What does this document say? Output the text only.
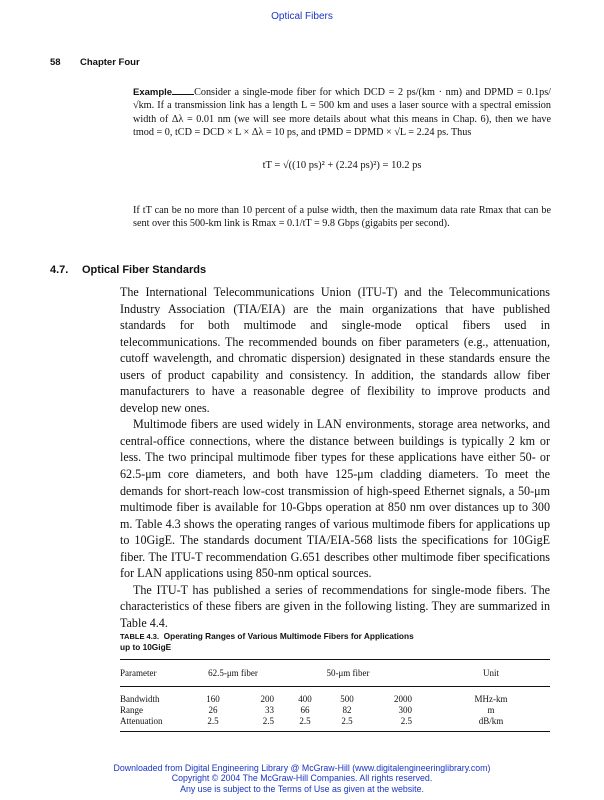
Optical Fibers
58 Chapter Four
Example Consider a single-mode fiber for which DCD = 2 ps/(km · nm) and DPMD = 0.1ps/√km. If a transmission link has a length L = 500 km and uses a laser source with a spectral emission width of Δλ = 0.01 nm (we will see more details about what this means in Chap. 6), then we have tmod = 0, tCD = DCD × L × Δλ = 10 ps, and tPMD = DPMD × √L = 2.24 ps. Thus
tT = √((10 ps)² + (2.24 ps)²) = 10.2 ps
If tT can be no more than 10 percent of a pulse width, then the maximum data rate Rmax that can be sent over this 500-km link is Rmax = 0.1/tT = 9.8 Gbps (gigabits per second).
4.7. Optical Fiber Standards

The International Telecommunications Union (ITU-T) and the Telecommunications Industry Association (TIA/EIA) are the main organizations that have published standards for both multimode and single-mode optical fibers used in telecommunications. The recommended bounds on fiber parameters (e.g., attenuation, cutoff wavelength, and chromatic dispersion) designated in these standards ensure the users of product capability and consistency. In addition, the standards allow fiber manufacturers to have a reasonable degree of flexibility to improve products and develop new ones.

Multimode fibers are used widely in LAN environments, storage area networks, and central-office connections, where the distance between buildings is typically 2 km or less. The two principal multimode fiber types for these applications have either 50- or 62.5-μm core diameters, and both have 125-μm cladding diameters. To meet the demands for short-reach low-cost transmission of high-speed Ethernet signals, a 50-μm multimode fiber is available for 10-Gbps operation at 850 nm over distances up to 300 m. Table 4.3 shows the operating ranges of various multimode fibers for applications up to 10GigE. The standards document TIA/EIA-568 lists the specifications for 10GigE fiber. The ITU-T recommendation G.651 describes other multimode fiber specifications for LAN applications using 850-nm optical sources.

The ITU-T has published a series of recommendations for single-mode fibers. The characteristics of these fibers are given in the following listing. They are summarized in Table 4.4.

TABLE 4.3. Operating Ranges of Various Multimode Fibers for Applications up to 10GigE
Parameter	62.5-μm fiber			50-μm fiber				Unit
Bandwidth	160	200		400	500	2000		MHz-km
Range	26	33		66	82	300		m
Attenuation	2.5	2.5		2.5	2.5	2.5		dB/km
Downloaded from Digital Engineering Library @ McGraw-Hill (www.digitalengineeringlibrary.com)
Copyright © 2004 The McGraw-Hill Companies. All rights reserved.
Any use is subject to the Terms of Use as given at the website.
